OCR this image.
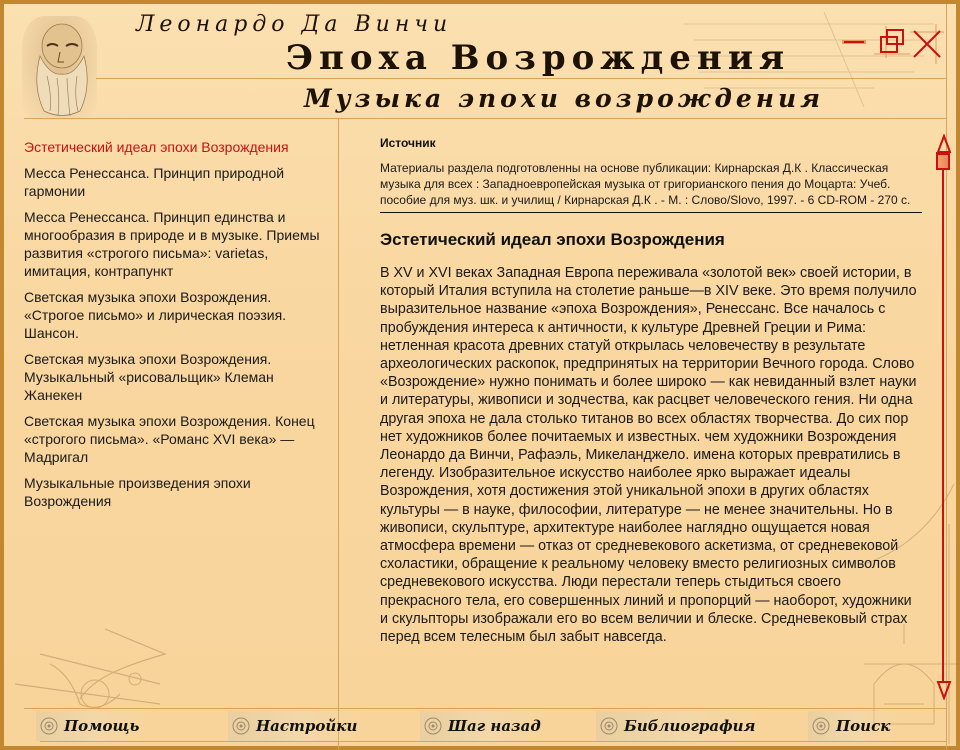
Леонардо Да Винчи
Эпоха Возрождения
Музыка эпохи возрождения
Эстетический идеал эпохи Возрождения
Месса Ренессанса. Принцип природной гармонии
Месса Ренессанса. Принцип единства и многообразия в природе и в музыке. Приемы развития «строгого письма»: varietas, имитация, контрапункт
Светская музыка эпохи Возрождения. «Строгое письмо» и лирическая поэзия. Шансон.
Светская музыка эпохи Возрождения. Музыкальный «рисовальщик» Клеман Жанекен
Светская музыка эпохи Возрождения. Конец «строгого письма». «Романс XVI века» — Мадригал
Музыкальные произведения эпохи Возрождения
Источник
Материалы раздела подготовленны на основе публикации: Кирнарская Д.К . Классическая музыка для всех : Западноевропейская музыка от григорианского пения до Моцарта: Учеб. пособие для муз. шк. и училищ / Кирнарская Д.К . - М. : Слово/Slovo, 1997. - 6 CD-ROM - 270 с.
Эстетический идеал эпохи Возрождения

В XV и XVI веках Западная Европа переживала «золотой век» своей истории, в который Италия вступила на столетие раньше—в XIV веке. Это время получило выразительное название «эпоха Возрождения», Ренессанс. Все началось с пробуждения интереса к античности, к культуре Древней Греции и Рима: нетленная красота древних статуй открылась человечеству в результате археологических раскопок, предпринятых на территории Вечного города. Слово «Возрождение» нужно понимать и более широко — как невиданный взлет науки и литературы, живописи и зодчества, как расцвет человеческого гения. Ни одна другая эпоха не дала столько титанов во всех областях творчества. До сих пор нет художников более почитаемых и известных. чем художники Возрождения Леонардо да Винчи, Рафаэль, Микеланджело. имена которых превратились в легенду. Изобразительное искусство наиболее ярко выражает идеалы Возрождения, хотя достижения этой уникальной эпохи в других областях культуры — в науке, философии, литературе — не менее значительны. Но в живописи, скульптуре, архитектуре наиболее наглядно ощущается новая атмосфера времени — отказ от средневекового аскетизма, от средневековой схоластики, обращение к реальному человеку вместо религиозных символов средневекового искусства. Люди перестали теперь стыдиться своего прекрасного тела, его совершенных линий и пропорций — наоборот, художники и скульпторы изображали его во всем величии и блеске. Средневековый страх перед всем телесным был забыт навсегда.

Помощь	Настройки	Шаг назад	Библиография	Поиск
